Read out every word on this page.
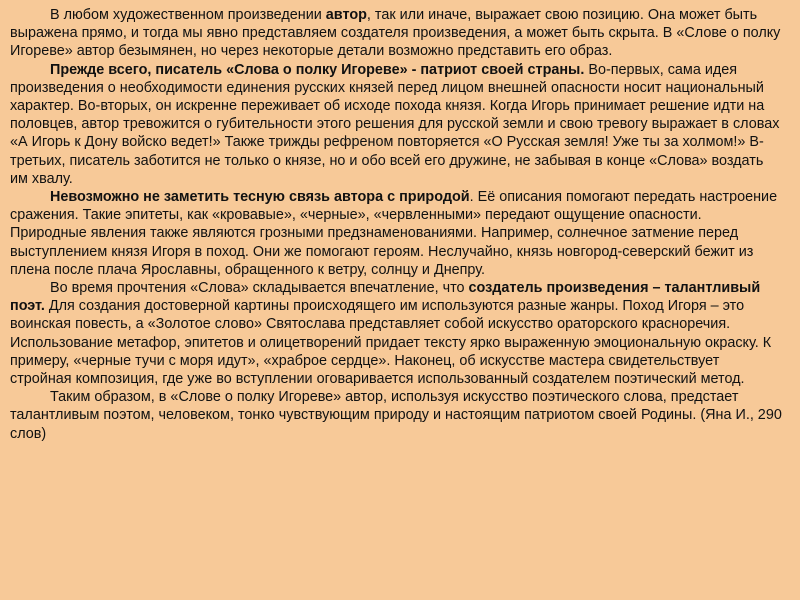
В любом художественном произведении автор, так или иначе, выражает свою позицию. Она может быть выражена прямо, и тогда мы явно представляем создателя произведения, а может быть скрыта. В «Слове о полку Игореве» автор безымянен, но через некоторые детали возможно представить его образ.

Прежде всего, писатель «Слова о полку Игореве» - патриот своей страны. Во-первых, сама идея произведения о необходимости единения русских князей перед лицом внешней опасности носит национальный характер. Во-вторых, он искренне переживает об исходе похода князя. Когда Игорь принимает решение идти на половцев, автор тревожится о губительности этого решения для русской земли и свою тревогу выражает в словах «А Игорь к Дону войско ведет!» Также трижды рефреном повторяется «О Русская земля! Уже ты за холмом!» В-третьих, писатель заботится не только о князе, но и обо всей его дружине, не забывая в конце «Слова» воздать им хвалу.

Невозможно не заметить тесную связь автора с природой. Её описания помогают передать настроение сражения. Такие эпитеты, как «кровавые», «черные», «червленными» передают ощущение опасности. Природные явления также являются грозными предзнаменованиями. Например, солнечное затмение перед выступлением князя Игоря в поход. Они же помогают героям. Неслучайно, князь новгород-северский бежит из плена после плача Ярославны, обращенного к ветру, солнцу и Днепру.

Во время прочтения «Слова» складывается впечатление, что создатель произведения – талантливый поэт. Для создания достоверной картины происходящего им используются разные жанры. Поход Игоря – это воинская повесть, а «Золотое слово» Святослава представляет собой искусство ораторского красноречия. Использование метафор, эпитетов и олицетворений придает тексту ярко выраженную эмоциональную окраску. К примеру, «черные тучи с моря идут», «храброе сердце». Наконец, об искусстве мастера свидетельствует стройная композиция, где уже во вступлении оговаривается использованный создателем поэтический метод.

Таким образом, в «Слове о полку Игореве» автор, используя искусство поэтического слова, предстает талантливым поэтом, человеком, тонко чувствующим природу и настоящим патриотом своей Родины. (Яна И., 290 слов)
